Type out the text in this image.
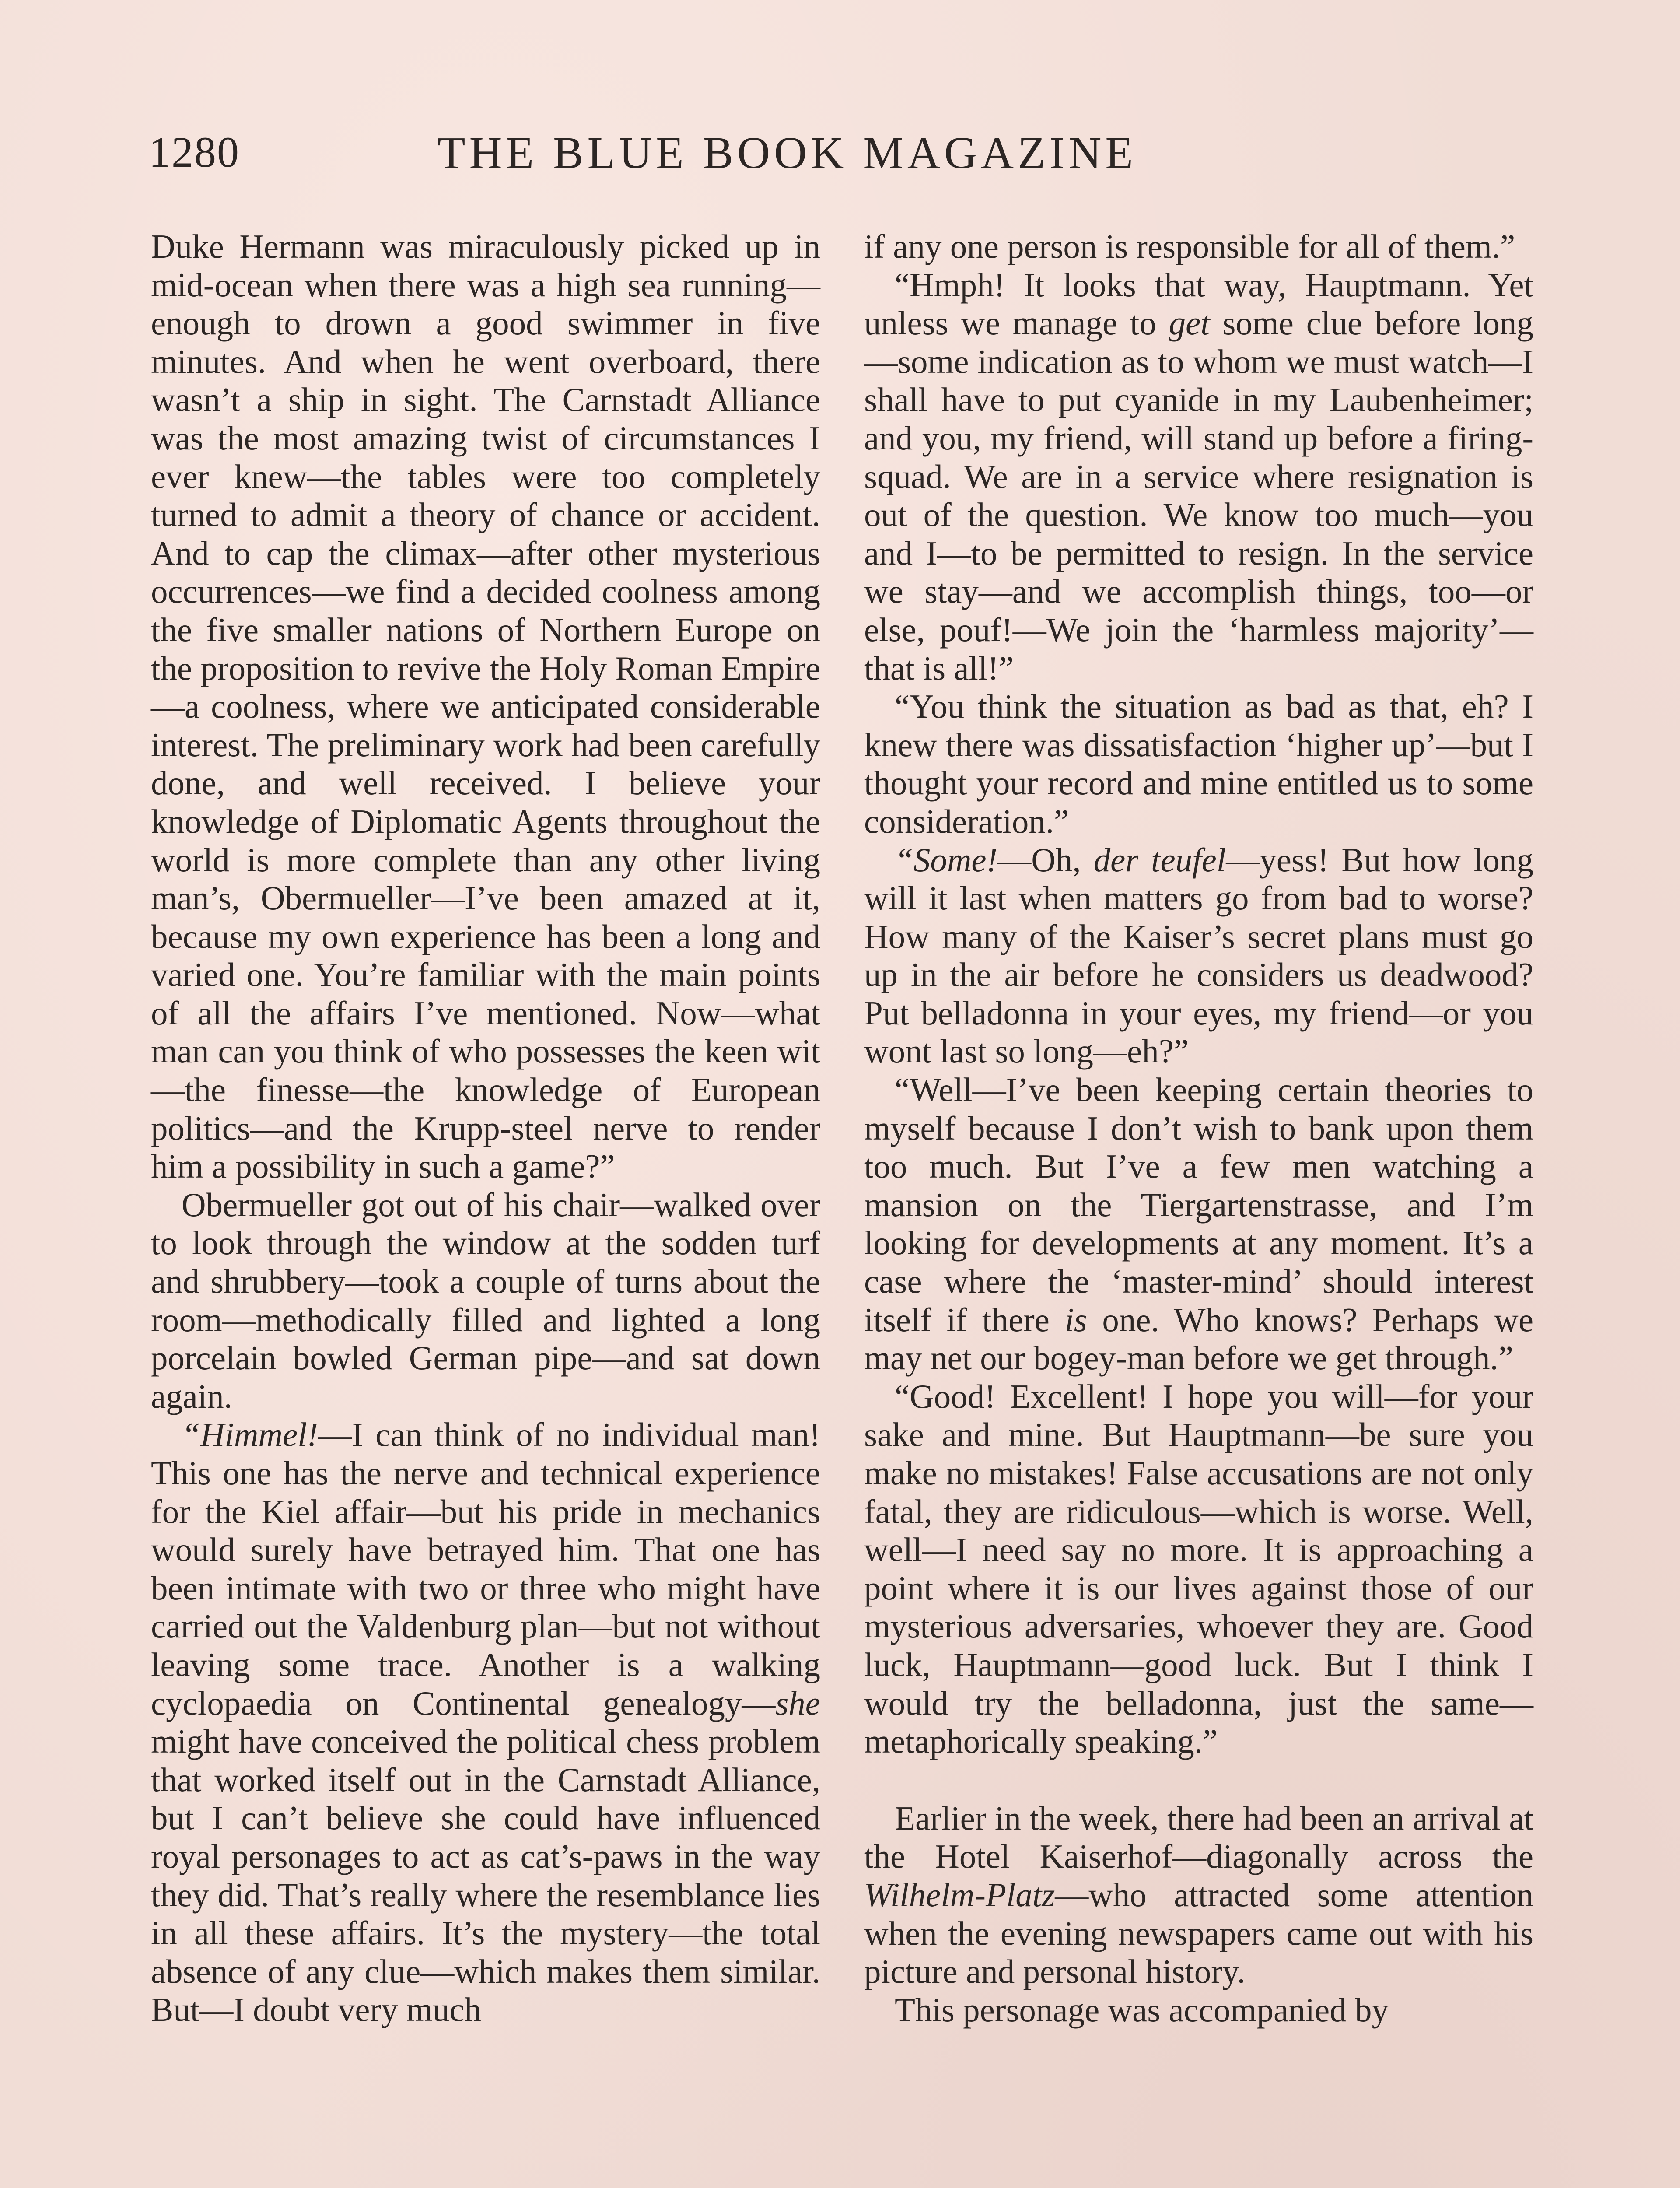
1280	THE BLUE BOOK MAGAZINE

Duke Hermann was miraculously picked up in mid-ocean when there was a high sea running—enough to drown a good swimmer in five minutes. And when he went overboard, there wasn’t a ship in sight. The Carnstadt Alliance was the most amazing twist of circumstances I ever knew—the tables were too completely turned to admit a theory of chance or accident. And to cap the climax—after other mysterious occurrences—we find a decided coolness among the five smaller nations of Northern Europe on the proposition to revive the Holy Roman Empire—a coolness, where we anticipated considerable interest. The preliminary work had been carefully done, and well received. I believe your knowledge of Diplomatic Agents throughout the world is more complete than any other living man’s, Obermueller—I’ve been amazed at it, because my own experience has been a long and varied one. You’re familiar with the main points of all the affairs I’ve mentioned. Now—what man can you think of who possesses the keen wit—the finesse—the knowledge of European politics—and the Krupp-steel nerve to render him a possibility in such a game?”

Obermueller got out of his chair—walked over to look through the window at the sodden turf and shrubbery—took a couple of turns about the room—methodically filled and lighted a long porcelain bowled German pipe—and sat down again.

“Himmel!—I can think of no individual man! This one has the nerve and technical experience for the Kiel affair—but his pride in mechanics would surely have betrayed him. That one has been intimate with two or three who might have carried out the Valdenburg plan—but not without leaving some trace. Another is a walking cyclopaedia on Continental genealogy—she might have conceived the political chess problem that worked itself out in the Carnstadt Alliance, but I can’t believe she could have influenced royal personages to act as cat’s-paws in the way they did. That’s really where the resemblance lies in all these affairs. It’s the mystery—the total absence of any clue—which makes them similar. But—I doubt very much

if any one person is responsible for all of them.”

“Hmph! It looks that way, Hauptmann. Yet unless we manage to get some clue before long—some indication as to whom we must watch—I shall have to put cyanide in my Laubenheimer; and you, my friend, will stand up before a firing-squad. We are in a service where resignation is out of the question. We know too much—you and I—to be permitted to resign. In the service we stay—and we accomplish things, too—or else, pouf!—We join the ‘harmless majority’—that is all!”

“You think the situation as bad as that, eh? I knew there was dissatisfaction ‘higher up’—but I thought your record and mine entitled us to some consideration.”

“Some!—Oh, der teufel—yess! But how long will it last when matters go from bad to worse? How many of the Kaiser’s secret plans must go up in the air before he considers us deadwood? Put belladonna in your eyes, my friend—or you wont last so long—eh?”

“Well—I’ve been keeping certain theories to myself because I don’t wish to bank upon them too much. But I’ve a few men watching a mansion on the Tiergartenstrasse, and I’m looking for developments at any moment. It’s a case where the ‘master-mind’ should interest itself if there is one. Who knows? Perhaps we may net our bogey-man before we get through.”

“Good! Excellent! I hope you will—for your sake and mine. But Hauptmann—be sure you make no mistakes! False accusations are not only fatal, they are ridiculous—which is worse. Well, well—I need say no more. It is approaching a point where it is our lives against those of our mysterious adversaries, whoever they are. Good luck, Hauptmann—good luck. But I think I would try the belladonna, just the same—metaphorically speaking.”

Earlier in the week, there had been an arrival at the Hotel Kaiserhof—diagonally across the Wilhelm-Platz—who attracted some attention when the evening newspapers came out with his picture and personal history.

This personage was accompanied by
